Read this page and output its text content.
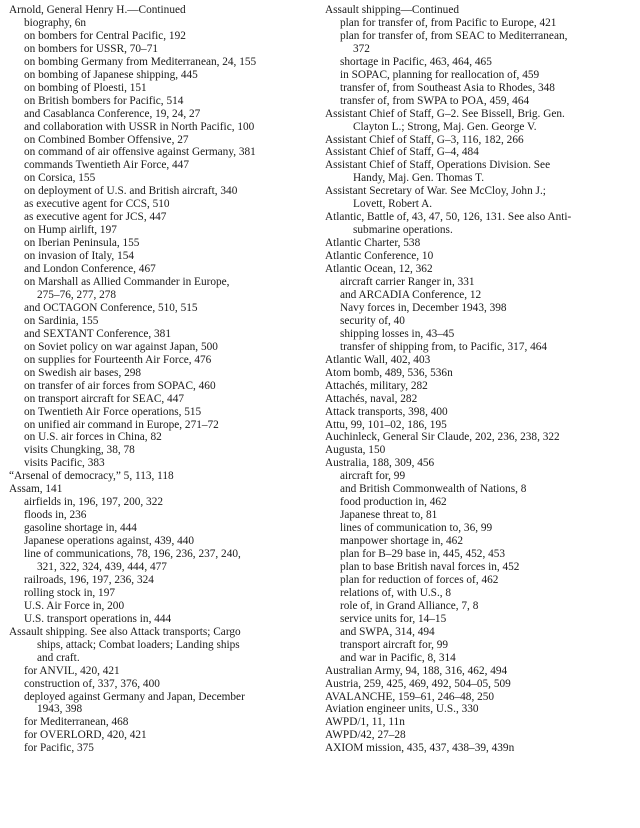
Arnold, General Henry H.—Continued
biography, 6n
on bombers for Central Pacific, 192
on bombers for USSR, 70–71
on bombing Germany from Mediterranean, 24, 155
on bombing of Japanese shipping, 445
on bombing of Ploesti, 151
on British bombers for Pacific, 514
and Casablanca Conference, 19, 24, 27
and collaboration with USSR in North Pacific, 100
on Combined Bomber Offensive, 27
on command of air offensive against Germany, 381
commands Twentieth Air Force, 447
on Corsica, 155
on deployment of U.S. and British aircraft, 340
as executive agent for CCS, 510
as executive agent for JCS, 447
on Hump airlift, 197
on Iberian Peninsula, 155
on invasion of Italy, 154
and London Conference, 467
on Marshall as Allied Commander in Europe,
275–76, 277, 278
and OCTAGON Conference, 510, 515
on Sardinia, 155
and SEXTANT Conference, 381
on Soviet policy on war against Japan, 500
on supplies for Fourteenth Air Force, 476
on Swedish air bases, 298
on transfer of air forces from SOPAC, 460
on transport aircraft for SEAC, 447
on Twentieth Air Force operations, 515
on unified air command in Europe, 271–72
on U.S. air forces in China, 82
visits Chungking, 38, 78
visits Pacific, 383
“Arsenal of democracy,” 5, 113, 118
Assam, 141
airfields in, 196, 197, 200, 322
floods in, 236
gasoline shortage in, 444
Japanese operations against, 439, 440
line of communications, 78, 196, 236, 237, 240,
321, 322, 324, 439, 444, 477
railroads, 196, 197, 236, 324
rolling stock in, 197
U.S. Air Force in, 200
U.S. transport operations in, 444
Assault shipping. See also Attack transports; Cargo
ships, attack; Combat loaders; Landing ships
and craft.
for ANVIL, 420, 421
construction of, 337, 376, 400
deployed against Germany and Japan, December
1943, 398
for Mediterranean, 468
for OVERLORD, 420, 421
for Pacific, 375
Assault shipping—Continued
plan for transfer of, from Pacific to Europe, 421
plan for transfer of, from SEAC to Mediterranean,
372
shortage in Pacific, 463, 464, 465
in SOPAC, planning for reallocation of, 459
transfer of, from Southeast Asia to Rhodes, 348
transfer of, from SWPA to POA, 459, 464
Assistant Chief of Staff, G–2. See Bissell, Brig. Gen.
Clayton L.; Strong, Maj. Gen. George V.
Assistant Chief of Staff, G–3, 116, 182, 266
Assistant Chief of Staff, G–4, 484
Assistant Chief of Staff, Operations Division. See
Handy, Maj. Gen. Thomas T.
Assistant Secretary of War. See McCloy, John J.;
Lovett, Robert A.
Atlantic, Battle of, 43, 47, 50, 126, 131. See also Anti-
submarine operations.
Atlantic Charter, 538
Atlantic Conference, 10
Atlantic Ocean, 12, 362
aircraft carrier Ranger in, 331
and ARCADIA Conference, 12
Navy forces in, December 1943, 398
security of, 40
shipping losses in, 43–45
transfer of shipping from, to Pacific, 317, 464
Atlantic Wall, 402, 403
Atom bomb, 489, 536, 536n
Attachés, military, 282
Attachés, naval, 282
Attack transports, 398, 400
Attu, 99, 101–02, 186, 195
Auchinleck, General Sir Claude, 202, 236, 238, 322
Augusta, 150
Australia, 188, 309, 456
aircraft for, 99
and British Commonwealth of Nations, 8
food production in, 462
Japanese threat to, 81
lines of communication to, 36, 99
manpower shortage in, 462
plan for B–29 base in, 445, 452, 453
plan to base British naval forces in, 452
plan for reduction of forces of, 462
relations of, with U.S., 8
role of, in Grand Alliance, 7, 8
service units for, 14–15
and SWPA, 314, 494
transport aircraft for, 99
and war in Pacific, 8, 314
Australian Army, 94, 188, 316, 462, 494
Austria, 259, 425, 469, 492, 504–05, 509
AVALANCHE, 159–61, 246–48, 250
Aviation engineer units, U.S., 330
AWPD/1, 11, 11n
AWPD/42, 27–28
AXIOM mission, 435, 437, 438–39, 439n
